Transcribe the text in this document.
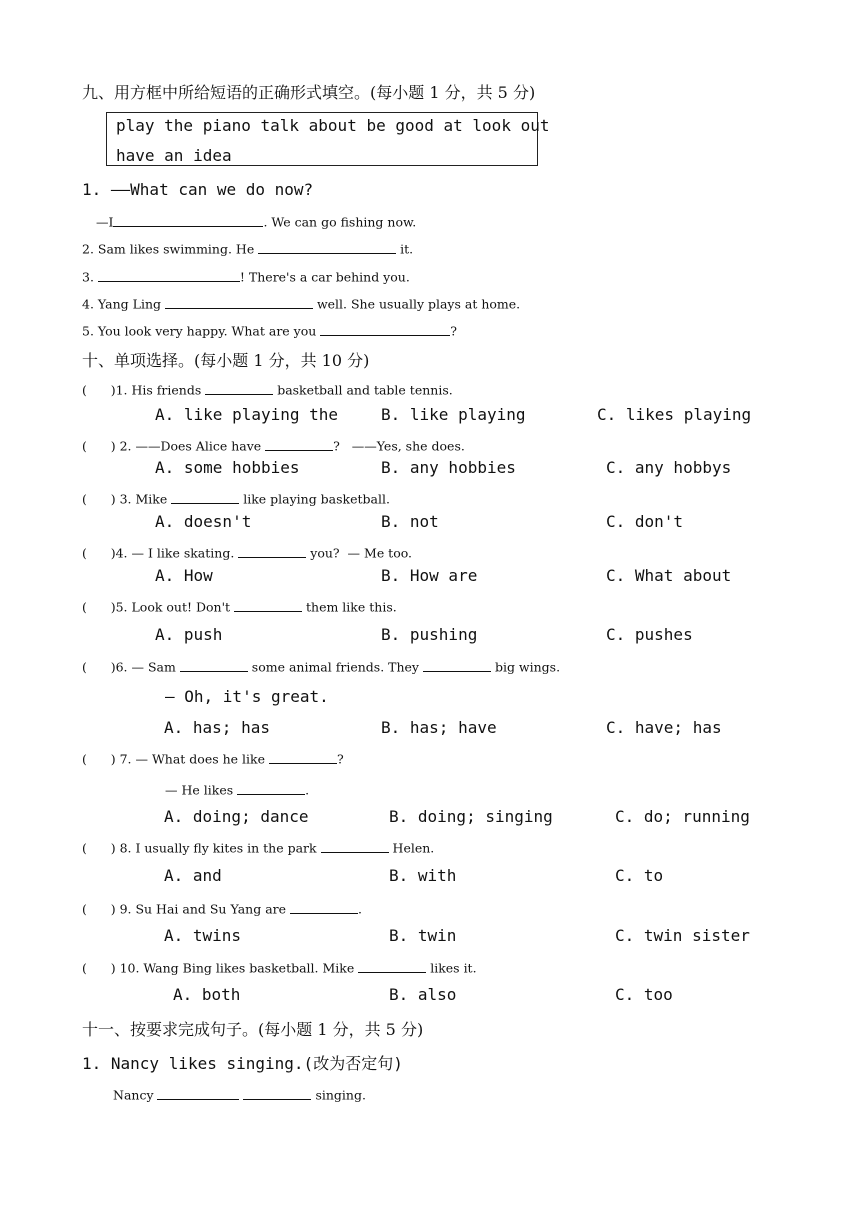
九、用方框中所给短语的正确形式填空。(每小题 1 分，共 5 分)
play the piano talk about be good at look out
have an idea
1. ——What can we do now?
—I	. We can go fishing now.
2. Sam likes swimming. He	it.
3.	! There's a car behind you.
4. Yang Ling	well. She usually plays at home.
5. You look very happy. What are you	?
十、单项选择。(每小题 1 分，共 10 分)
(      )1. His friends	basketball and table tennis.
A. like playing the	B. like playing	C. likes playing
(      ) 2. ——Does Alice have	?   ——Yes, she does.
A. some hobbies	B. any hobbies	C. any hobbys
(      ) 3. Mike	like playing basketball.
A. doesn't	B. not	C. don't
(      )4. — I like skating.	you?  — Me too.
A. How	B. How are	C. What about
(      )5. Look out! Don't	them like this.
A. push	B. pushing	C. pushes
(      )6. — Sam	some animal friends. They	big wings.
— Oh, it's great.
A. has; has	B. has; have	C. have; has
(      ) 7. — What does he like	?
— He likes	.
A. doing; dance	B. doing; singing	C. do; running
(      ) 8. I usually fly kites in the park	Helen.
A. and	B. with	C. to
(      ) 9. Su Hai and Su Yang are	.
A. twins	B. twin	C. twin sister
(      ) 10. Wang Bing likes basketball. Mike	likes it.
A. both	B. also	C. too
十一、按要求完成句子。(每小题 1 分，共 5 分)
1. Nancy likes singing.(改为否定句)
Nancy	singing.
